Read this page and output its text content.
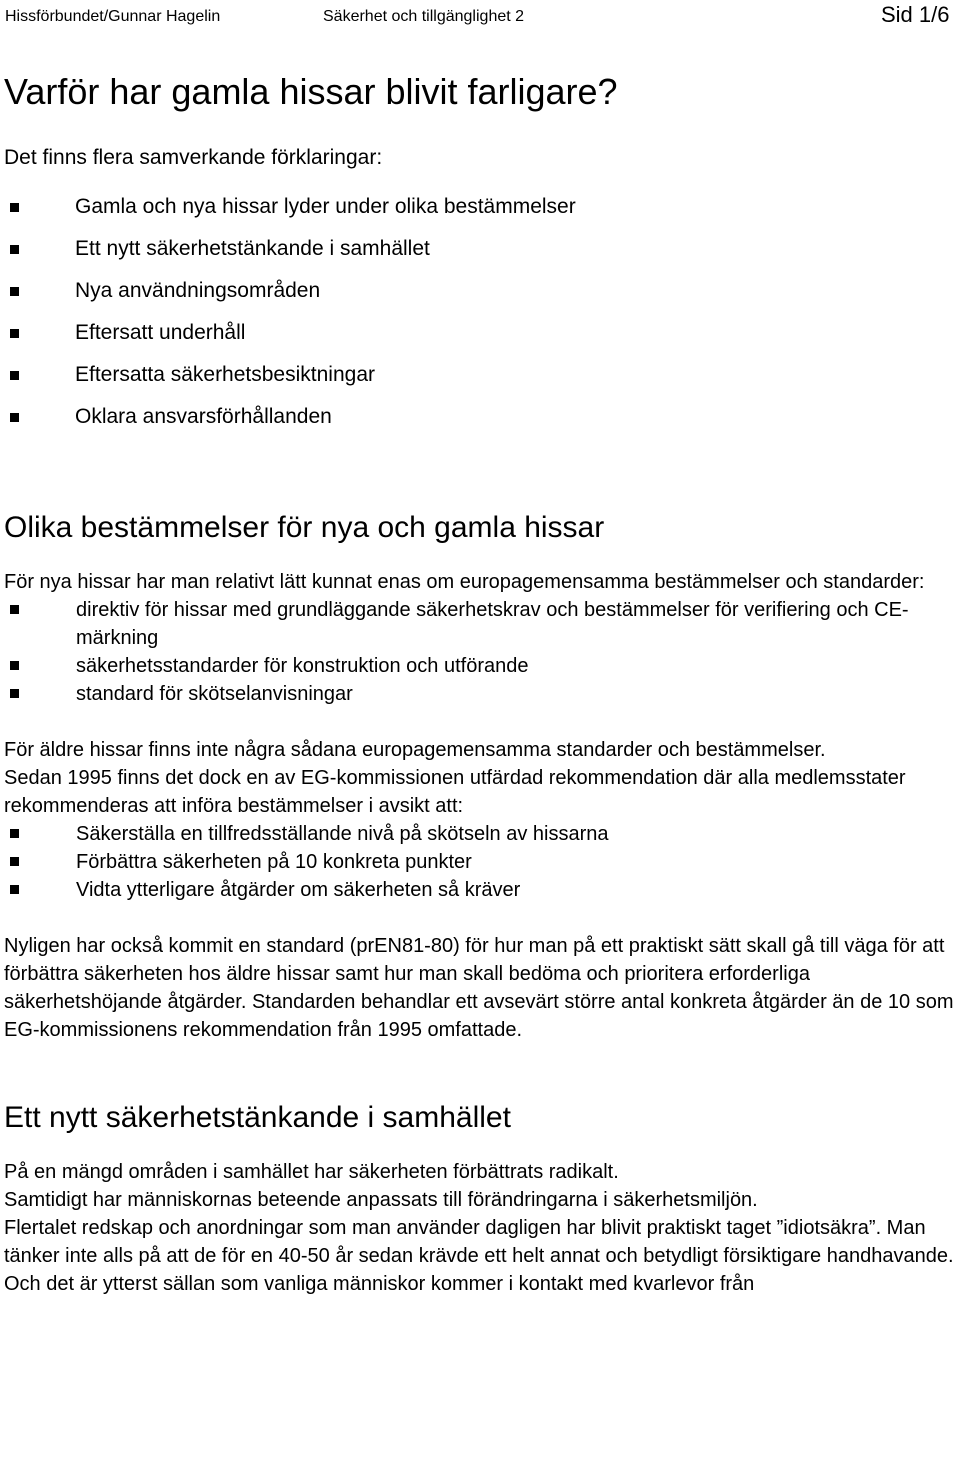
Hissförbundet/Gunnar Hagelin	Säkerhet och tillgänglighet 2	Sid 1/6
Varför har gamla hissar blivit farligare?

Det finns flera samverkande förklaringar:

Gamla och nya hissar lyder under olika bestämmelser
Ett nytt säkerhetstänkande i samhället
Nya användningsområden
Eftersatt underhåll
Eftersatta säkerhetsbesiktningar
Oklara ansvarsförhållanden
Olika bestämmelser för nya och gamla hissar

För nya hissar har man relativt lätt kunnat enas om europagemensamma bestämmelser och standarder:

direktiv för hissar med grundläggande säkerhetskrav och bestämmelser för verifiering och CE-märkning
säkerhetsstandarder för konstruktion och utförande
standard för skötselanvisningar

För äldre hissar finns inte några sådana europagemensamma standarder och bestämmelser.

Sedan 1995 finns det dock en av EG-kommissionen utfärdad rekommendation där alla medlemsstater rekommenderas att införa bestämmelser i avsikt att:

Säkerställa en tillfredsställande nivå på skötseln av hissarna
Förbättra säkerheten på 10 konkreta punkter
Vidta ytterligare åtgärder om säkerheten så kräver

Nyligen har också kommit en standard (prEN81-80) för hur man på ett praktiskt sätt skall gå till väga för att förbättra säkerheten hos äldre hissar samt hur man skall bedöma och prioritera erforderliga säkerhetshöjande åtgärder. Standarden behandlar ett avsevärt större antal konkreta åtgärder än de 10 som EG-kommissionens rekommendation från 1995 omfattade.

Ett nytt säkerhetstänkande i samhället

På en mängd områden i samhället har säkerheten förbättrats radikalt.

Samtidigt har människornas beteende anpassats till förändringarna i säkerhetsmiljön.

Flertalet redskap och anordningar som man använder dagligen har blivit praktiskt taget ”idiotsäkra”. Man tänker inte alls på att de för en 40-50 år sedan krävde ett helt annat och betydligt försiktigare handhavande. Och det är ytterst sällan som vanliga människor kommer i kontakt med kvarlevor från
